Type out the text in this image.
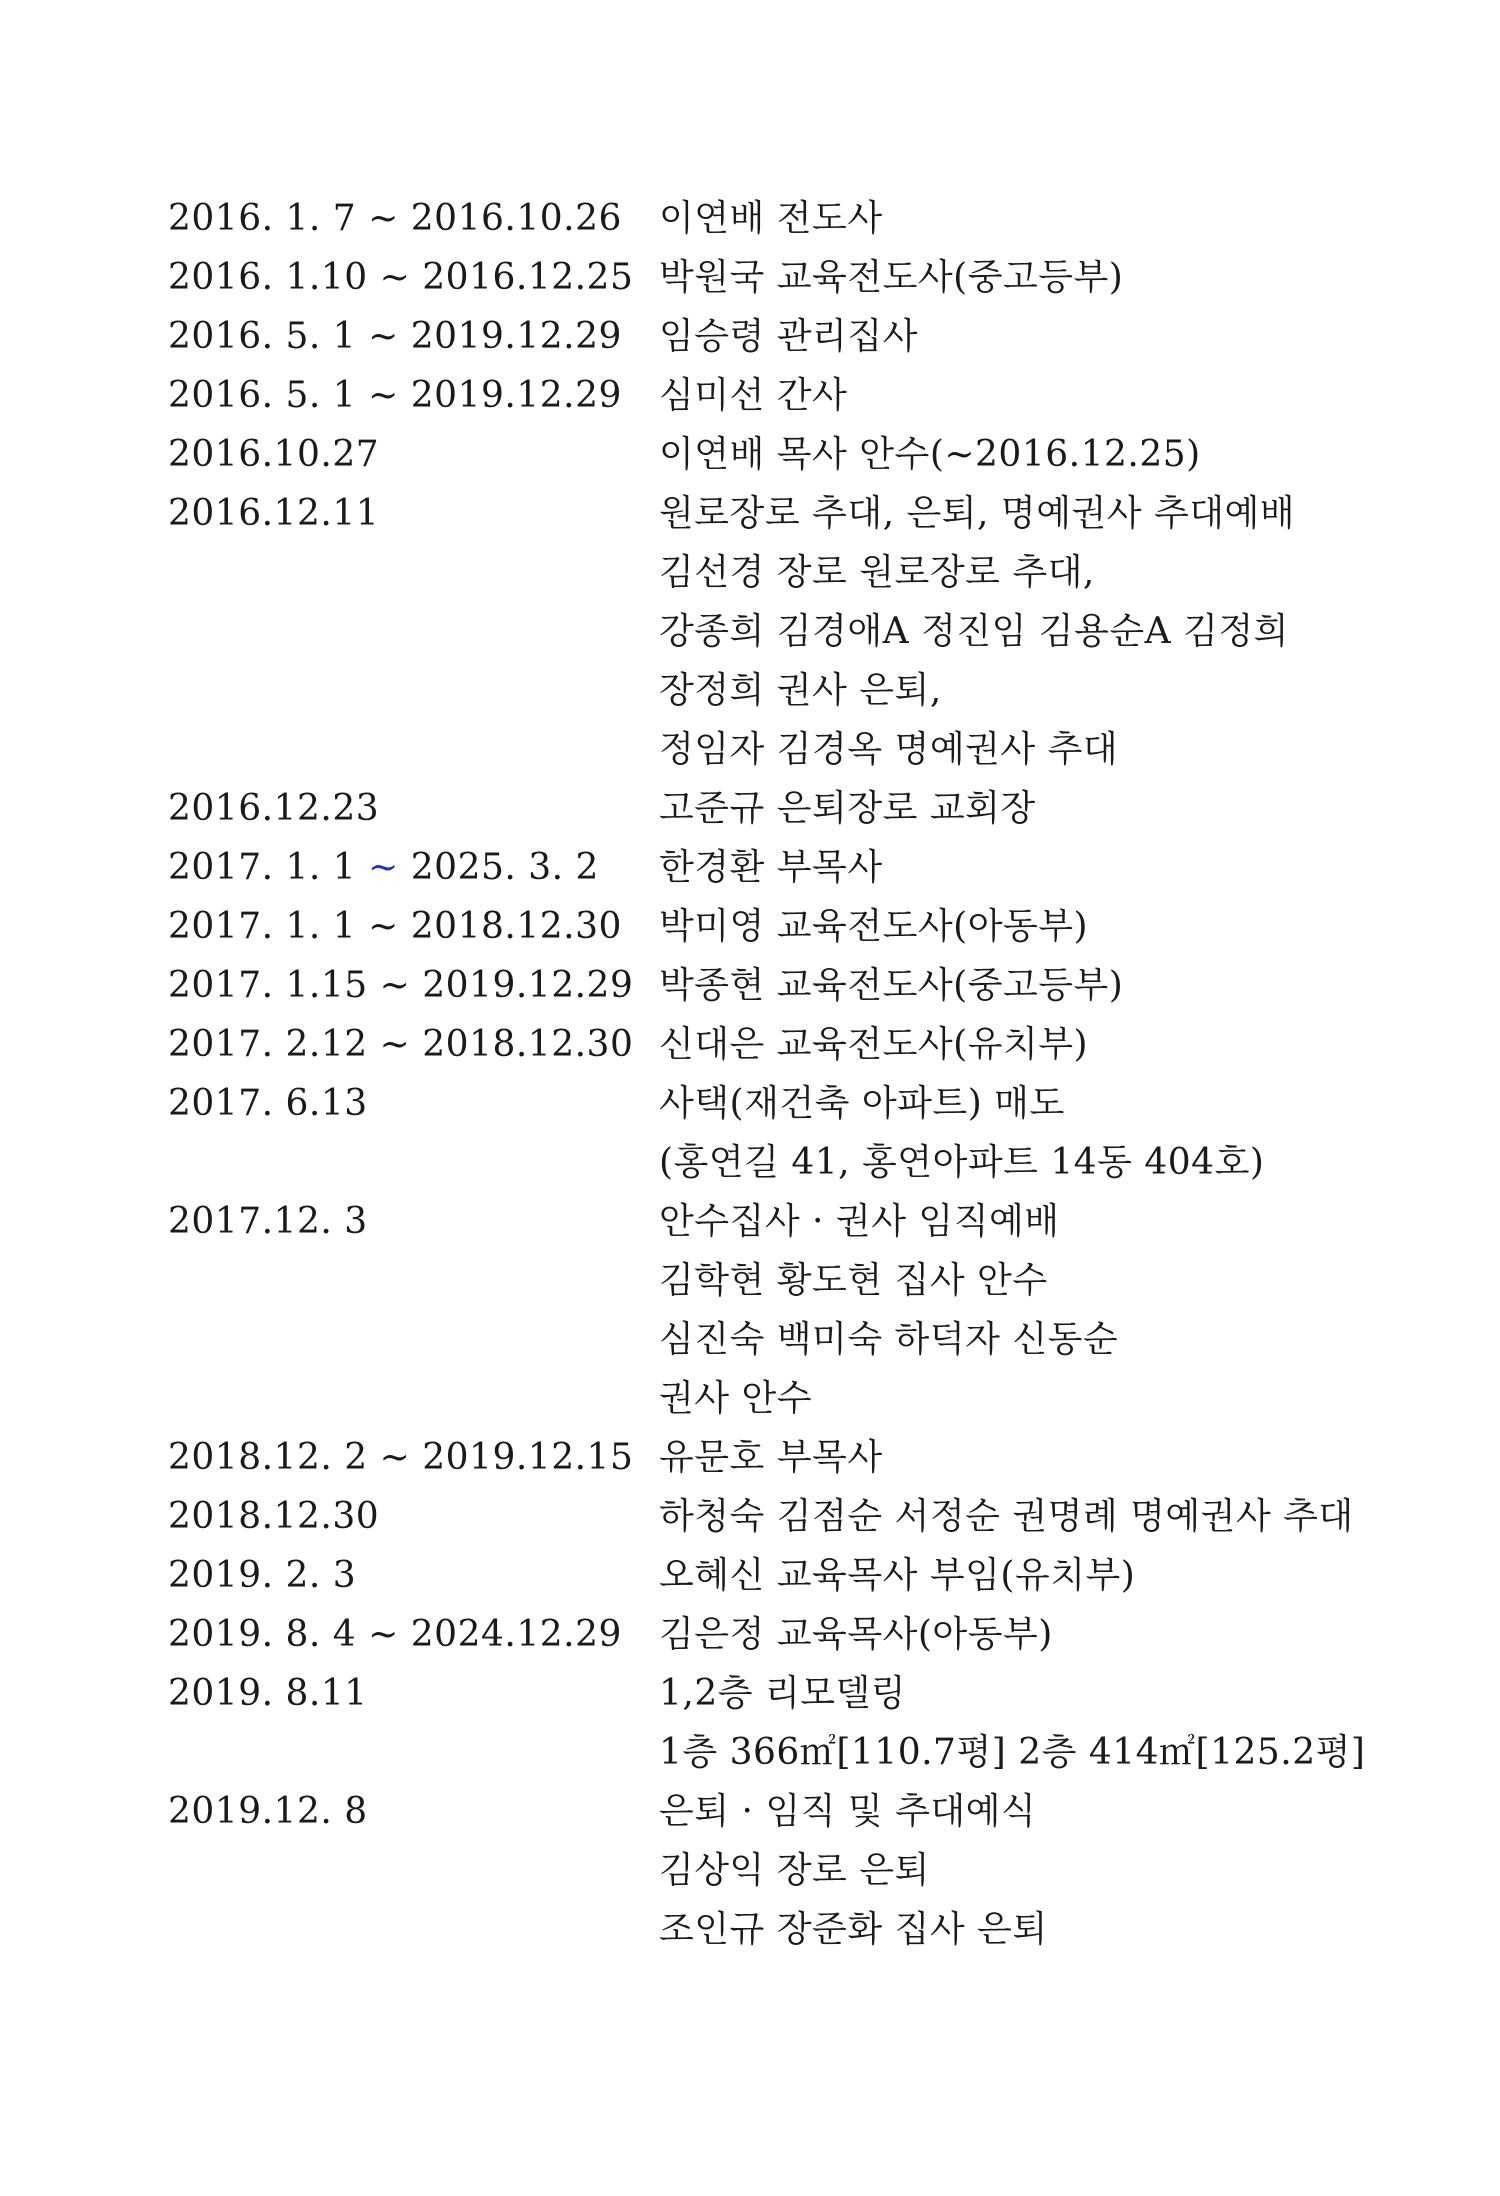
2016. 1. 7 ~ 2016.10.26	이연배 전도사
2016. 1.10 ~ 2016.12.25 박원국 교육전도사(중고등부)
2016. 5. 1 ~ 2019.12.29	임승령 관리집사
2016. 5. 1 ~ 2019.12.29	심미선 간사
2016.10.27	이연배 목사 안수(~2016.12.25)
2016.12.11	원로장로 추대, 은퇴, 명예권사 추대예배
김선경 장로 원로장로 추대,
강종희 김경애A 정진임 김용순A 김정희
장정희 권사 은퇴,
정임자 김경옥 명예권사 추대
2016.12.23	고준규 은퇴장로 교회장
2017. 1. 1 ~ 2025. 3. 2	한경환 부목사
2017. 1. 1 ~ 2018.12.30	박미영 교육전도사(아동부)
2017. 1.15 ~ 2019.12.29 박종현 교육전도사(중고등부)
2017. 2.12 ~ 2018.12.30 신대은 교육전도사(유치부)
2017. 6.13	사택(재건축 아파트) 매도
(홍연길 41, 홍연아파트 14동 404호)
2017.12. 3	안수집사 · 권사 임직예배
김학현 황도현 집사 안수
심진숙 백미숙 하덕자 신동순
권사 안수
2018.12. 2 ~ 2019.12.15 유문호 부목사
2018.12.30	하청숙 김점순 서정순 권명례 명예권사 추대
2019. 2. 3	오혜신 교육목사 부임(유치부)
2019. 8. 4 ~ 2024.12.29	김은정 교육목사(아동부)
2019. 8.11	1,2층 리모델링
1층 366㎡[110.7평] 2층 414㎡[125.2평]
2019.12. 8	은퇴 · 임직 및 추대예식
김상익 장로 은퇴
조인규 장준화 집사 은퇴
